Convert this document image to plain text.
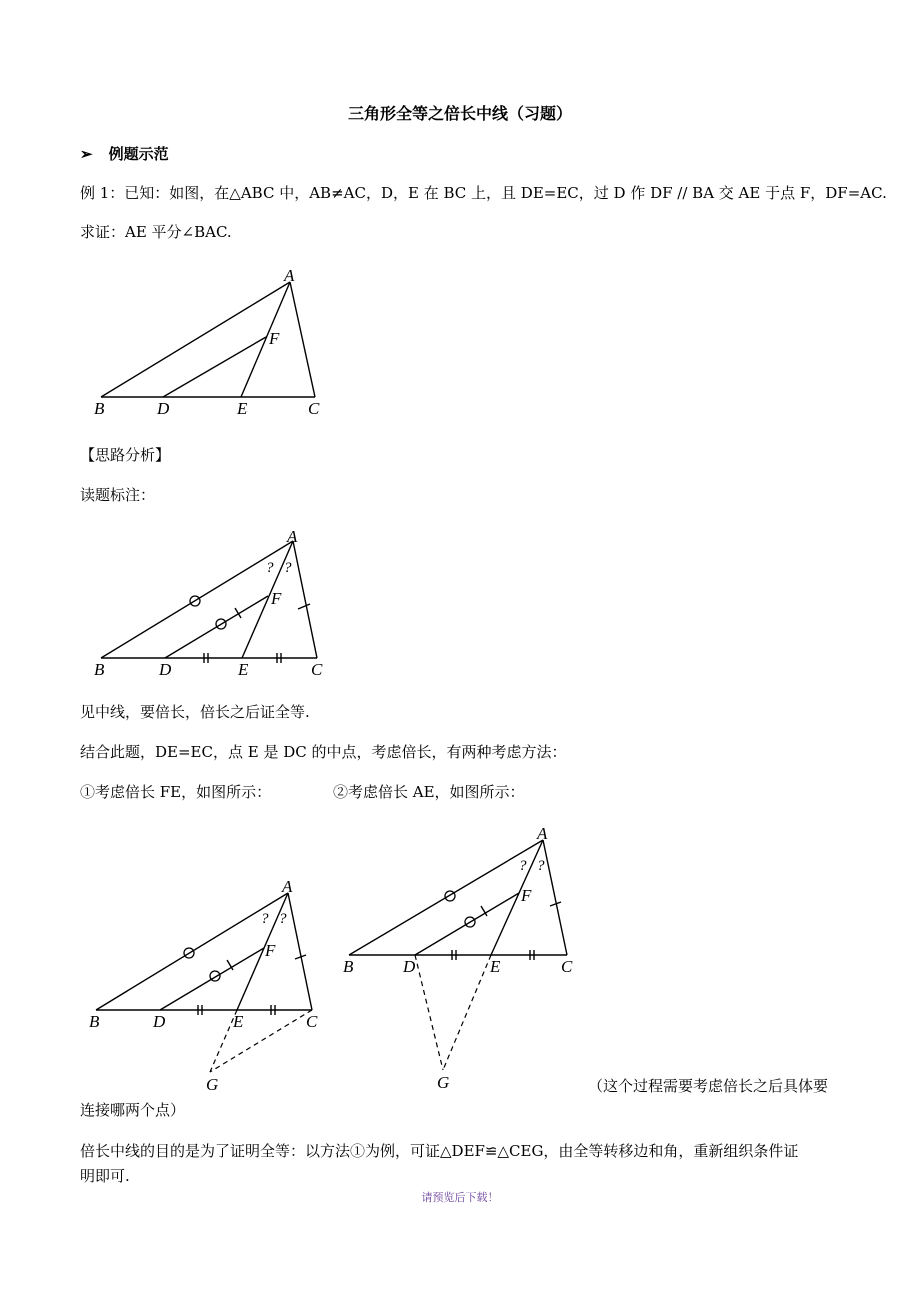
三角形全等之倍长中线（习题）
➢ 例题示范
例 1：已知：如图，在△ABC 中，AB≠AC，D，E 在 BC 上，且 DE=EC，过 D 作 DF // BA 交 AE 于点 F，DF=AC.
求证：AE 平分∠BAC.
A
B	D	E	C
F
【思路分析】
读题标注：
A
B	D	E	C
F
? ?
见中线，要倍长，倍长之后证全等.
结合此题，DE=EC，点 E 是 DC 的中点，考虑倍长，有两种考虑方法：
①考虑倍长 FE，如图所示：	②考虑倍长 AE，如图所示：
A
B	D	E	C
F
G
? ?
A
B	D	E	C
F
G
? ?
（这个过程需要考虑倍长之后具体要
连接哪两个点）
倍长中线的目的是为了证明全等：以方法①为例，可证△DEF≌△CEG，由全等转移边和角，重新组织条件证
明即可.
请预览后下载！
